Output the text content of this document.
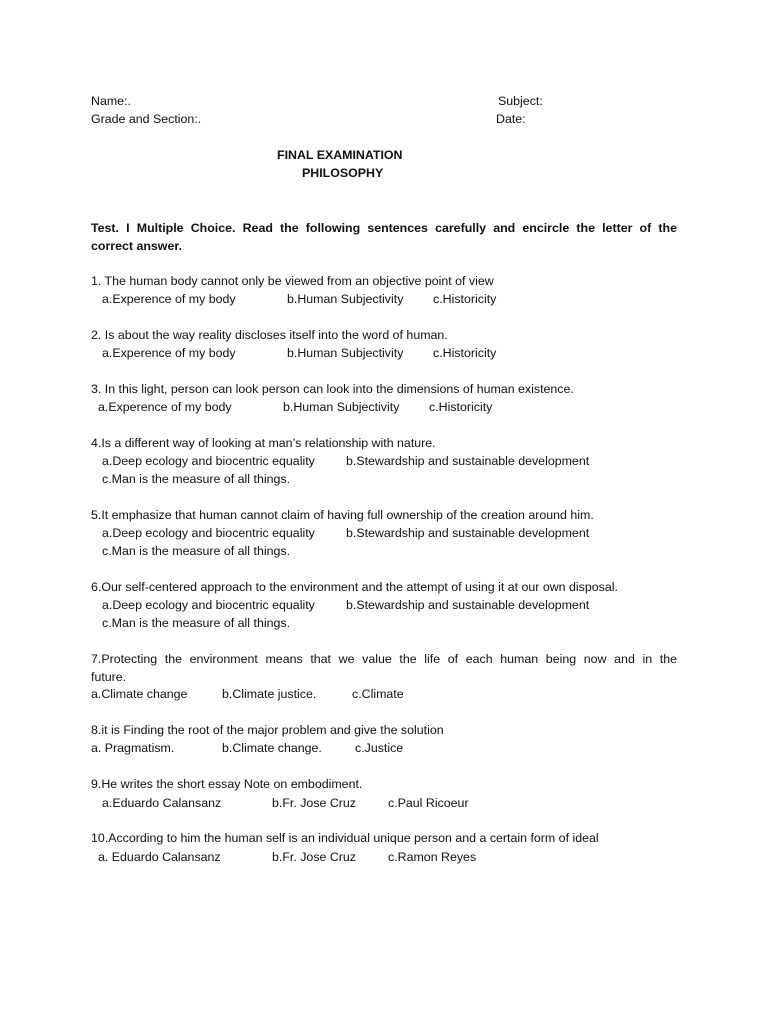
Name:.	Subject:
Grade and Section:.	Date:
FINAL EXAMINATION
PHILOSOPHY
Test. I Multiple Choice. Read the following sentences carefully and encircle the letter of the
correct answer.
1. The human body cannot only be viewed from an objective point of view
a.Experence of my body	b.Human Subjectivity c.Historicity
2. Is about the way reality discloses itself into the word of human.
a.Experence of my body	b.Human Subjectivity c.Historicity
3. In this light, person can look person can look into the dimensions of human existence.
a.Experence of my body	b.Human Subjectivity c.Historicity
4.Is a different way of looking at man’s relationship with nature.
a.Deep ecology and biocentric equality	b.Stewardship and sustainable development
c.Man is the measure of all things.
5.It emphasize that human cannot claim of having full ownership of the creation around him.
a.Deep ecology and biocentric equality	b.Stewardship and sustainable development
c.Man is the measure of all things.
6.Our self-centered approach to the environment and the attempt of using it at our own disposal.
a.Deep ecology and biocentric equality	b.Stewardship and sustainable development
c.Man is the measure of all things.
7.Protecting the environment means that we value the life of each human being now and in the
future.
a.Climate change	b.Climate justice.	c.Climate
8.it is Finding the root of the major problem and give the solution
a. Pragmatism.	b.Climate change.	c.Justice
9.He writes the short essay Note on embodiment.
a.Eduardo Calansanz	b.Fr. Jose Cruz	c.Paul Ricoeur
10.According to him the human self is an individual unique person and a certain form of ideal
a. Eduardo Calansanz	b.Fr. Jose Cruz	c.Ramon Reyes
